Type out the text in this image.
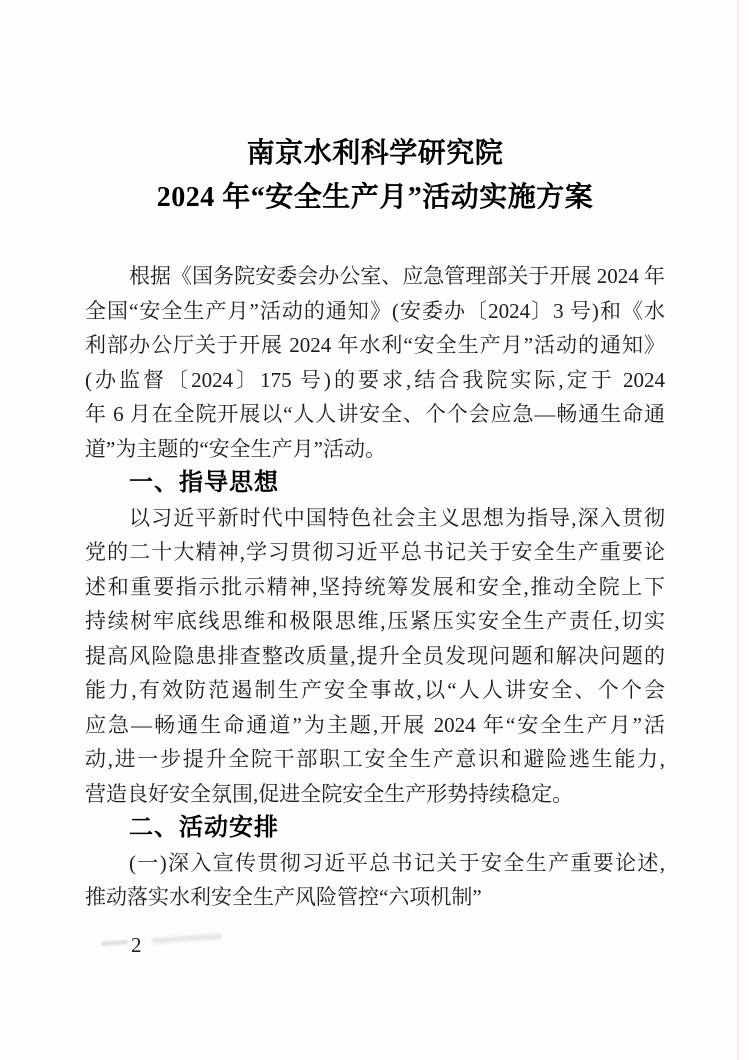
南京水利科学研究院
2024 年“安全生产月”活动实施方案
根据《国务院安委会办公室、应急管理部关于开展 2024 年
全国“安全生产月”活动的通知》(安委办〔2024〕3 号)和《水
利部办公厅关于开展 2024 年水利“安全生产月”活动的通知》
(办监督〔2024〕175 号)的要求,结合我院实际,定于 2024
年 6 月在全院开展以“人人讲安全、个个会应急—畅通生命通
道”为主题的“安全生产月”活动。
一、指导思想
以习近平新时代中国特色社会主义思想为指导,深入贯彻
党的二十大精神,学习贯彻习近平总书记关于安全生产重要论
述和重要指示批示精神,坚持统筹发展和安全,推动全院上下
持续树牢底线思维和极限思维,压紧压实安全生产责任,切实
提高风险隐患排查整改质量,提升全员发现问题和解决问题的
能力,有效防范遏制生产安全事故,以“人人讲安全、个个会
应急—畅通生命通道”为主题,开展 2024 年“安全生产月”活
动,进一步提升全院干部职工安全生产意识和避险逃生能力,
营造良好安全氛围,促进全院安全生产形势持续稳定。
二、活动安排
(一)深入宣传贯彻习近平总书记关于安全生产重要论述,
推动落实水利安全生产风险管控“六项机制”
2
